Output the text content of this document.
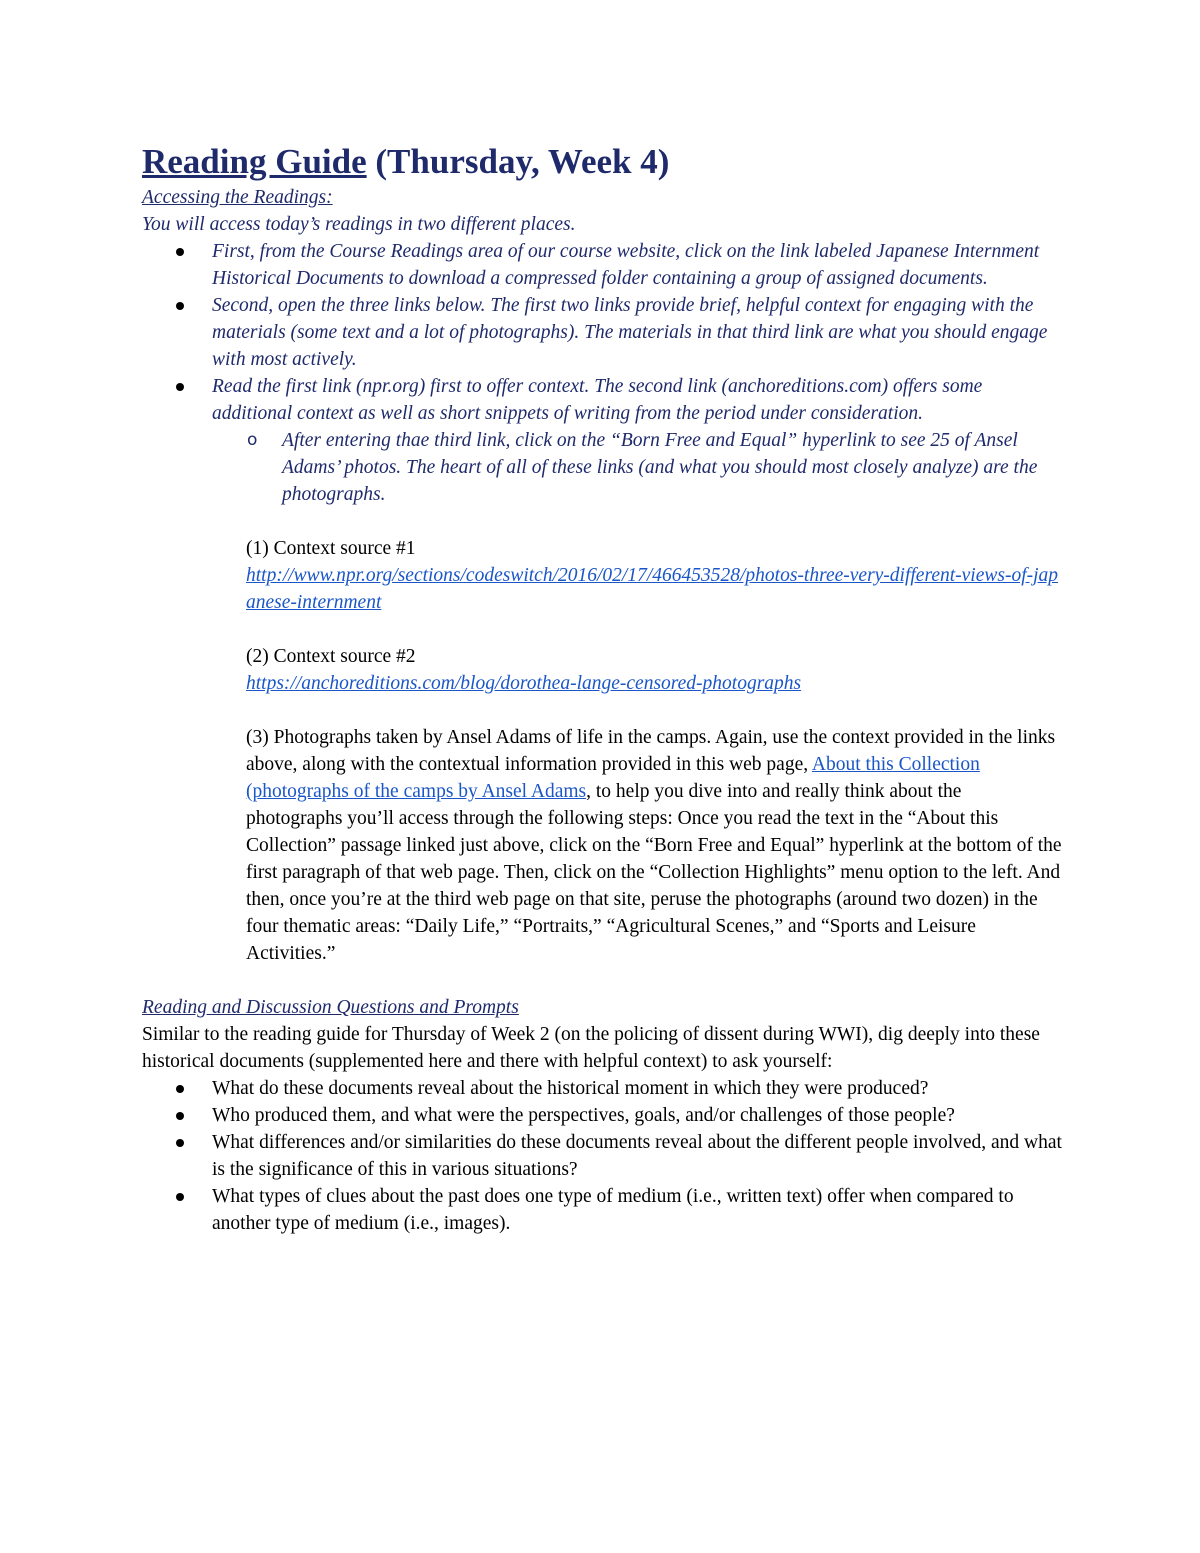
Reading Guide (Thursday, Week 4)
Accessing the Readings:
You will access today’s readings in two different places.
First, from the Course Readings area of our course website, click on the link labeled Japanese Internment Historical Documents to download a compressed folder containing a group of assigned documents.
Second, open the three links below. The first two links provide brief, helpful context for engaging with the materials (some text and a lot of photographs). The materials in that third link are what you should engage with most actively.
Read the first link (npr.org) first to offer context. The second link (anchoreditions.com) offers some additional context as well as short snippets of writing from the period under consideration.
o After entering thae third link, click on the “Born Free and Equal” hyperlink to see 25 of Ansel Adams’ photos. The heart of all of these links (and what you should most closely analyze) are the photographs.
(1) Context source #1
http://www.npr.org/sections/codeswitch/2016/02/17/466453528/photos-three-very-different-views-of-japanese-internment
(2) Context source #2
https://anchoreditions.com/blog/dorothea-lange-censored-photographs
(3) Photographs taken by Ansel Adams of life in the camps. Again, use the context provided in the links above, along with the contextual information provided in this web page, About this Collection (photographs of the camps by Ansel Adams, to help you dive into and really think about the photographs you’ll access through the following steps: Once you read the text in the “About this Collection” passage linked just above, click on the “Born Free and Equal” hyperlink at the bottom of the first paragraph of that web page. Then, click on the “Collection Highlights” menu option to the left. And then, once you’re at the third web page on that site, peruse the photographs (around two dozen) in the four thematic areas: “Daily Life,” “Portraits,” “Agricultural Scenes,” and “Sports and Leisure Activities.”
Reading and Discussion Questions and Prompts
Similar to the reading guide for Thursday of Week 2 (on the policing of dissent during WWI), dig deeply into these historical documents (supplemented here and there with helpful context) to ask yourself:
What do these documents reveal about the historical moment in which they were produced?
Who produced them, and what were the perspectives, goals, and/or challenges of those people?
What differences and/or similarities do these documents reveal about the different people involved, and what is the significance of this in various situations?
What types of clues about the past does one type of medium (i.e., written text) offer when compared to another type of medium (i.e., images).
